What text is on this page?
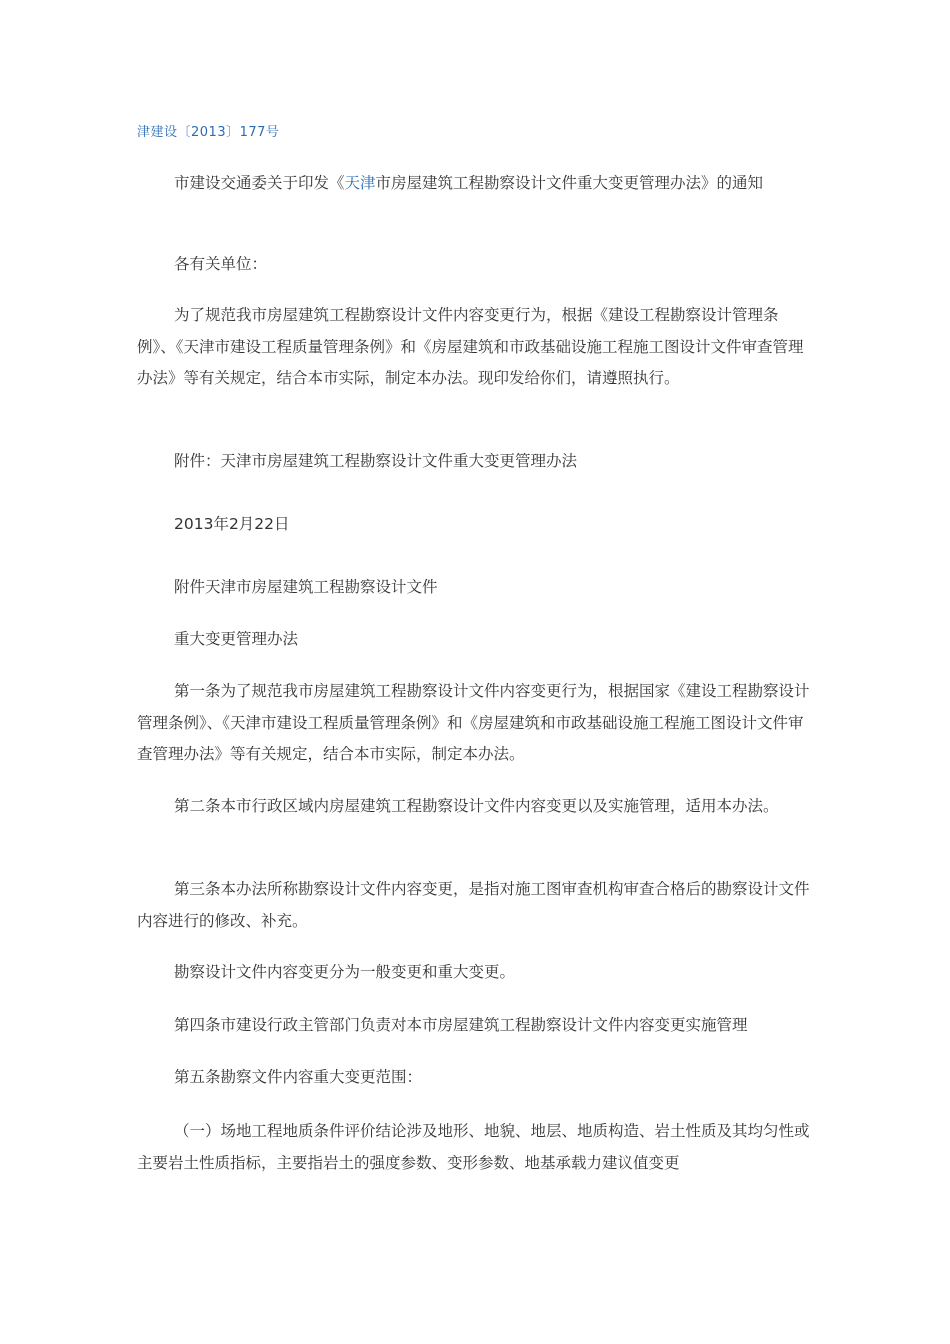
津建设〔2013〕177号

市建设交通委关于印发《天津市房屋建筑工程勘察设计文件重大变更管理办法》的通知

各有关单位：

为了规范我市房屋建筑工程勘察设计文件内容变更行为，根据《建设工程勘察设计管理条例》、《天津市建设工程质量管理条例》和《房屋建筑和市政基础设施工程施工图设计文件审查管理办法》等有关规定，结合本市实际，制定本办法。现印发给你们，请遵照执行。

附件：天津市房屋建筑工程勘察设计文件重大变更管理办法

2013年2月22日

附件天津市房屋建筑工程勘察设计文件

重大变更管理办法

第一条为了规范我市房屋建筑工程勘察设计文件内容变更行为，根据国家《建设工程勘察设计管理条例》、《天津市建设工程质量管理条例》和《房屋建筑和市政基础设施工程施工图设计文件审查管理办法》等有关规定，结合本市实际，制定本办法。

第二条本市行政区域内房屋建筑工程勘察设计文件内容变更以及实施管理，适用本办法。

第三条本办法所称勘察设计文件内容变更，是指对施工图审查机构审查合格后的勘察设计文件内容进行的修改、补充。

勘察设计文件内容变更分为一般变更和重大变更。

第四条市建设行政主管部门负责对本市房屋建筑工程勘察设计文件内容变更实施管理

第五条勘察文件内容重大变更范围：

（一）场地工程地质条件评价结论涉及地形、地貌、地层、地质构造、岩土性质及其均匀性或主要岩土性质指标，主要指岩土的强度参数、变形参数、地基承载力建议值变更
